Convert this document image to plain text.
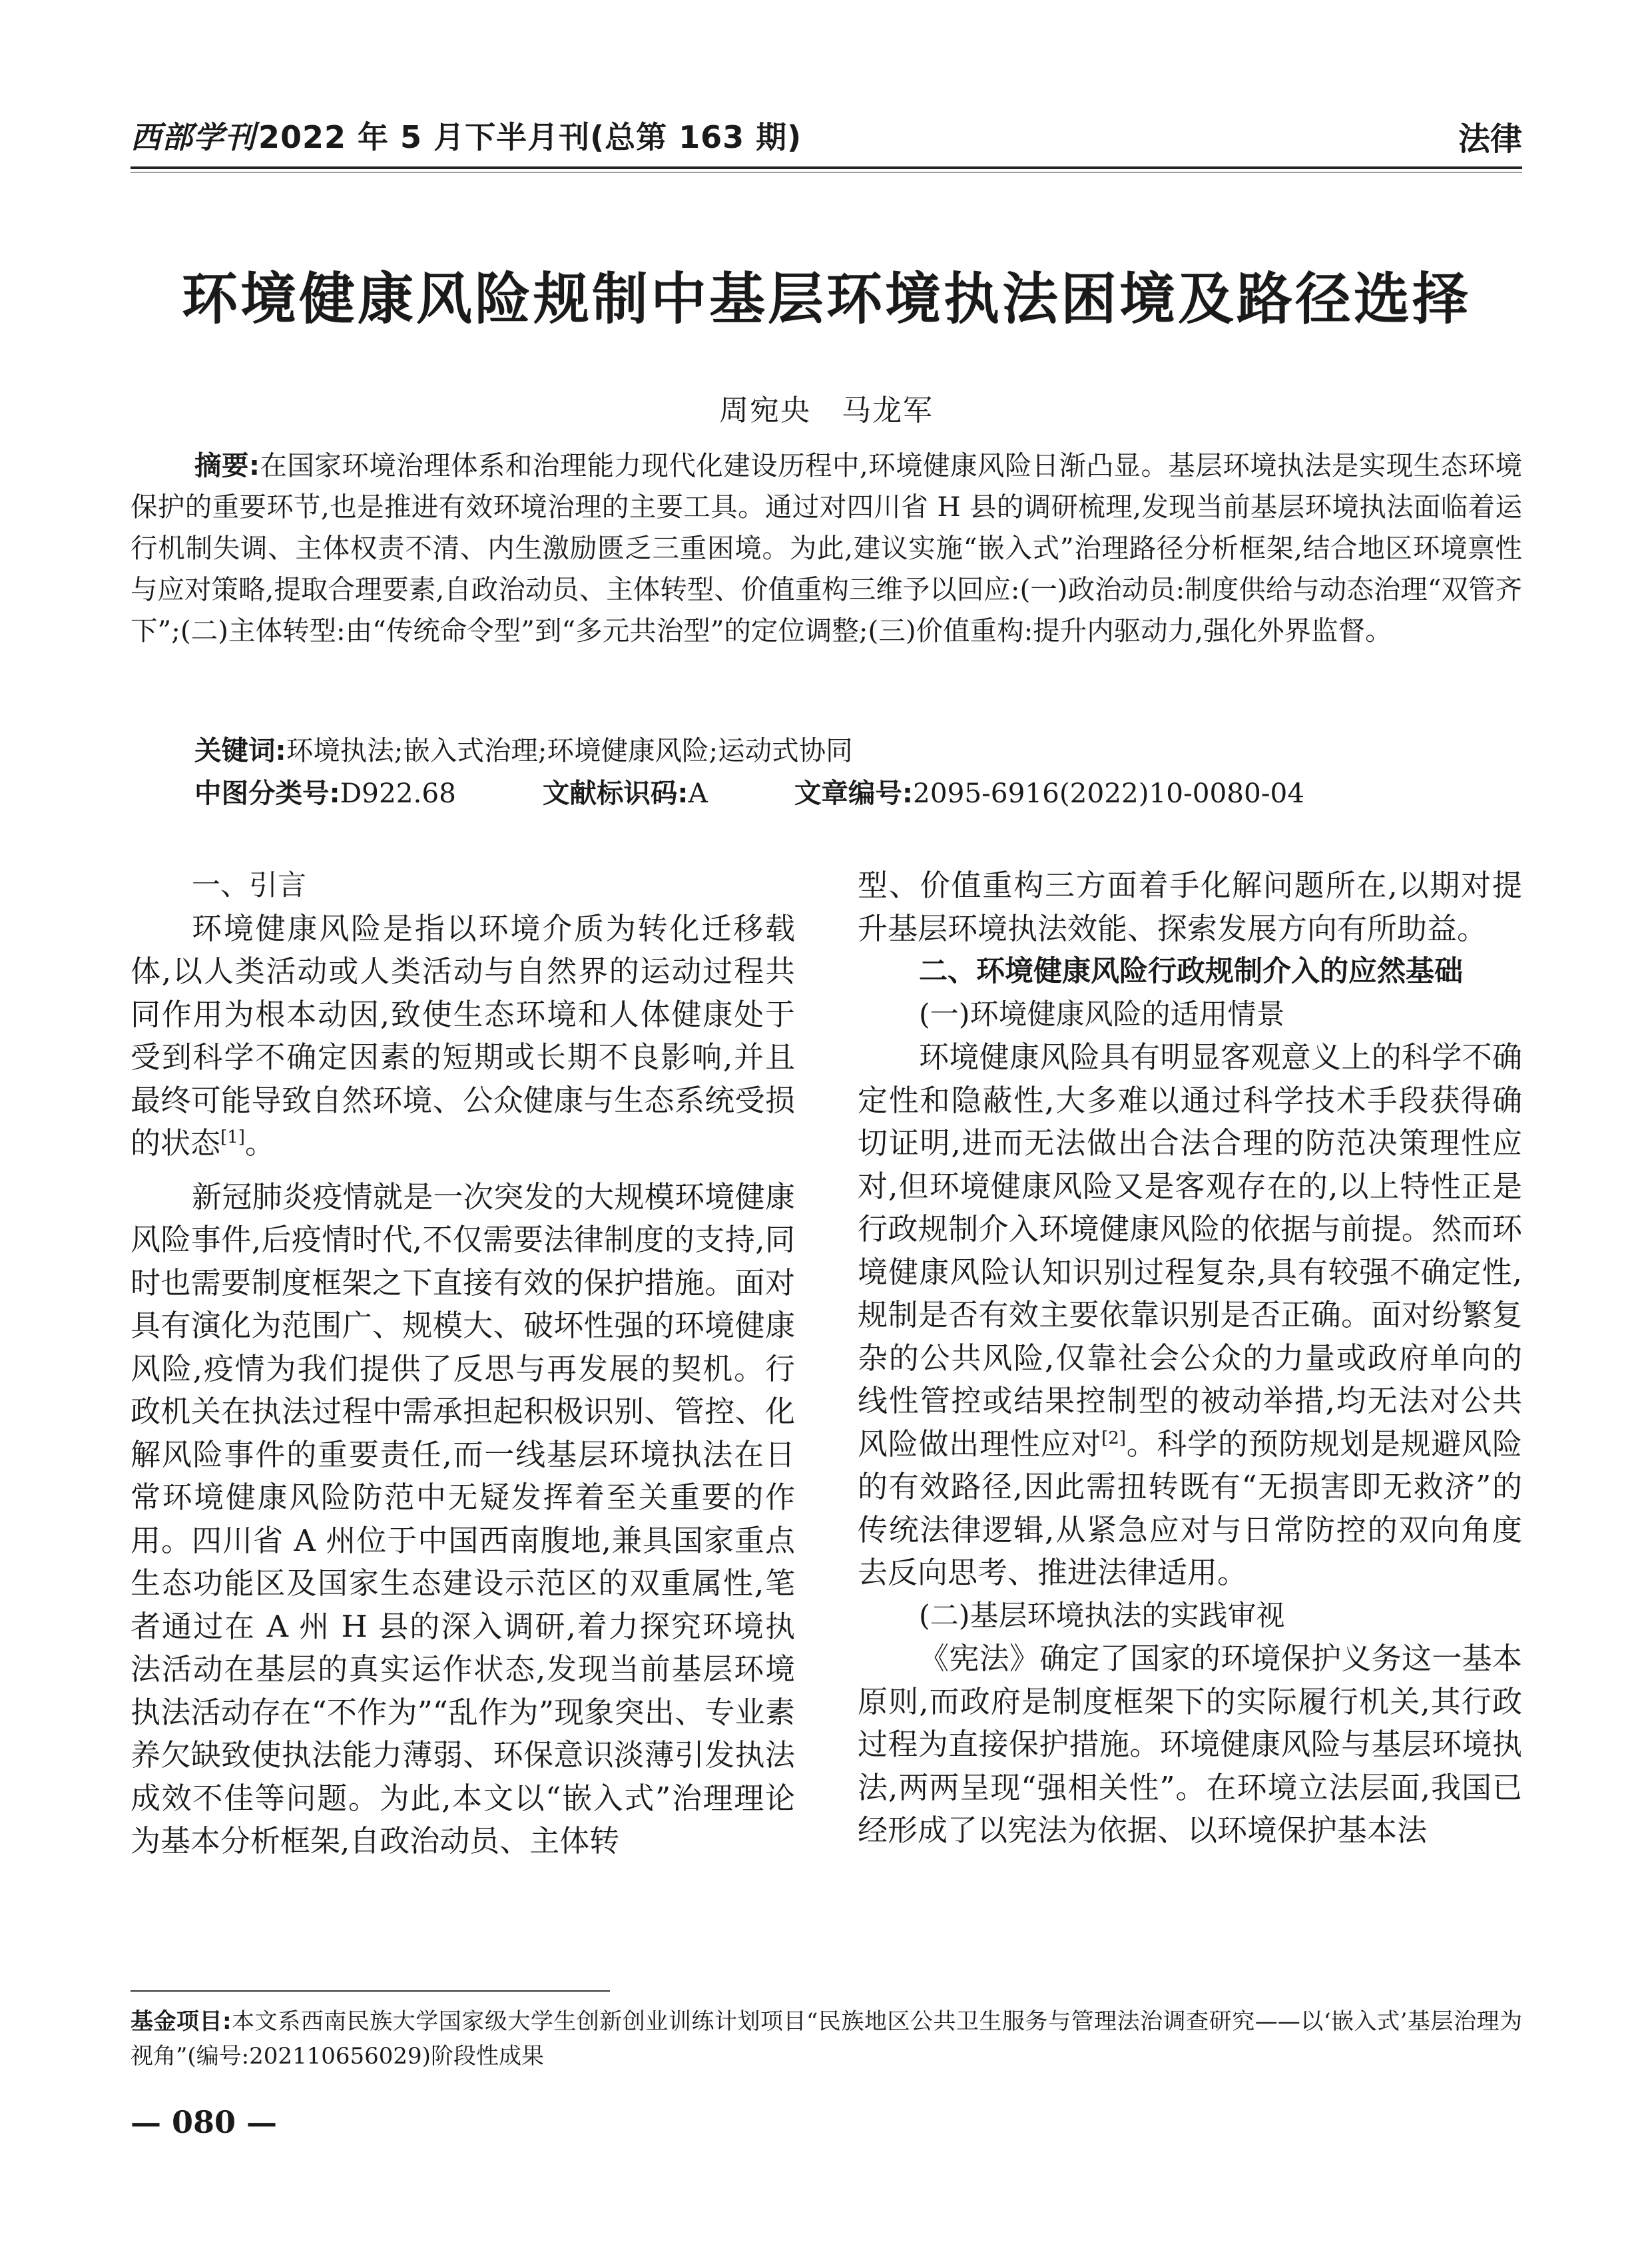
西部学刊2022 年 5 月下半月刊(总第 163 期)	法律
环境健康风险规制中基层环境执法困境及路径选择
周宛央　马龙军
摘要:在国家环境治理体系和治理能力现代化建设历程中,环境健康风险日渐凸显。基层环境执法是实现生态环境保护的重要环节,也是推进有效环境治理的主要工具。通过对四川省 H 县的调研梳理,发现当前基层环境执法面临着运行机制失调、主体权责不清、内生激励匮乏三重困境。为此,建议实施“嵌入式”治理路径分析框架,结合地区环境禀性与应对策略,提取合理要素,自政治动员、主体转型、价值重构三维予以回应:(一)政治动员:制度供给与动态治理“双管齐下”;(二)主体转型:由“传统命令型”到“多元共治型”的定位调整;(三)价值重构:提升内驱动力,强化外界监督。
关键词:环境执法;嵌入式治理;环境健康风险;运动式协同
中图分类号:D922.68	文献标识码:A	文章编号:2095-6916(2022)10-0080-04
一、引言

环境健康风险是指以环境介质为转化迁移载体,以人类活动或人类活动与自然界的运动过程共同作用为根本动因,致使生态环境和人体健康处于受到科学不确定因素的短期或长期不良影响,并且最终可能导致自然环境、公众健康与生态系统受损的状态[1]。

新冠肺炎疫情就是一次突发的大规模环境健康风险事件,后疫情时代,不仅需要法律制度的支持,同时也需要制度框架之下直接有效的保护措施。面对具有演化为范围广、规模大、破坏性强的环境健康风险,疫情为我们提供了反思与再发展的契机。行政机关在执法过程中需承担起积极识别、管控、化解风险事件的重要责任,而一线基层环境执法在日常环境健康风险防范中无疑发挥着至关重要的作用。四川省 A 州位于中国西南腹地,兼具国家重点生态功能区及国家生态建设示范区的双重属性,笔者通过在 A 州 H 县的深入调研,着力探究环境执法活动在基层的真实运作状态,发现当前基层环境执法活动存在“不作为”“乱作为”现象突出、专业素养欠缺致使执法能力薄弱、环保意识淡薄引发执法成效不佳等问题。为此,本文以“嵌入式”治理理论为基本分析框架,自政治动员、主体转

型、价值重构三方面着手化解问题所在,以期对提升基层环境执法效能、探索发展方向有所助益。

二、环境健康风险行政规制介入的应然基础
(一)环境健康风险的适用情景

环境健康风险具有明显客观意义上的科学不确定性和隐蔽性,大多难以通过科学技术手段获得确切证明,进而无法做出合法合理的防范决策理性应对,但环境健康风险又是客观存在的,以上特性正是行政规制介入环境健康风险的依据与前提。然而环境健康风险认知识别过程复杂,具有较强不确定性,规制是否有效主要依靠识别是否正确。面对纷繁复杂的公共风险,仅靠社会公众的力量或政府单向的线性管控或结果控制型的被动举措,均无法对公共风险做出理性应对[2]。科学的预防规划是规避风险的有效路径,因此需扭转既有“无损害即无救济”的传统法律逻辑,从紧急应对与日常防控的双向角度去反向思考、推进法律适用。

(二)基层环境执法的实践审视

《宪法》确定了国家的环境保护义务这一基本原则,而政府是制度框架下的实际履行机关,其行政过程为直接保护措施。环境健康风险与基层环境执法,两两呈现“强相关性”。在环境立法层面,我国已经形成了以宪法为依据、以环境保护基本法

基金项目:本文系西南民族大学国家级大学生创新创业训练计划项目“民族地区公共卫生服务与管理法治调查研究——以‘嵌入式’基层治理为视角”(编号:202110656029)阶段性成果
— 080 —
